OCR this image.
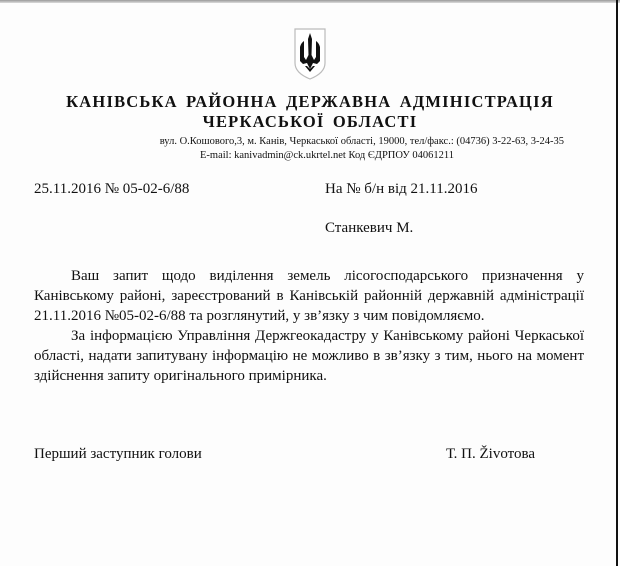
КАНІВСЬКА РАЙОННА ДЕРЖАВНА АДМІНІСТРАЦІЯ
ЧЕРКАСЬКОЇ ОБЛАСТІ
вул. О.Кошового,3, м. Канів, Черкаської області, 19000, тел/факс.: (04736) 3-22-63, 3-24-35
E-mail: kanivadmin@ck.ukrtel.net Код ЄДРПОУ 04061211
25.11.2016 № 05-02-6/88	На № б/н від 21.11.2016
Станкевич М.

Ваш запит щодо виділення земель лісогосподарського призначення у Канівському районі, зареєстрований в Канівській районній державній адміністрації 21.11.2016 №05-02-6/88 та розглянутий, у зв’язку з чим повідомляємо.

За інформацією Управління Держгеокадастру у Канівському районі Черкаської області, надати запитувану інформацію не можливо в зв’язку з тим, нього на момент здійснення запиту оригінального примірника.

Перший заступник голови	Т. П. Živотова
